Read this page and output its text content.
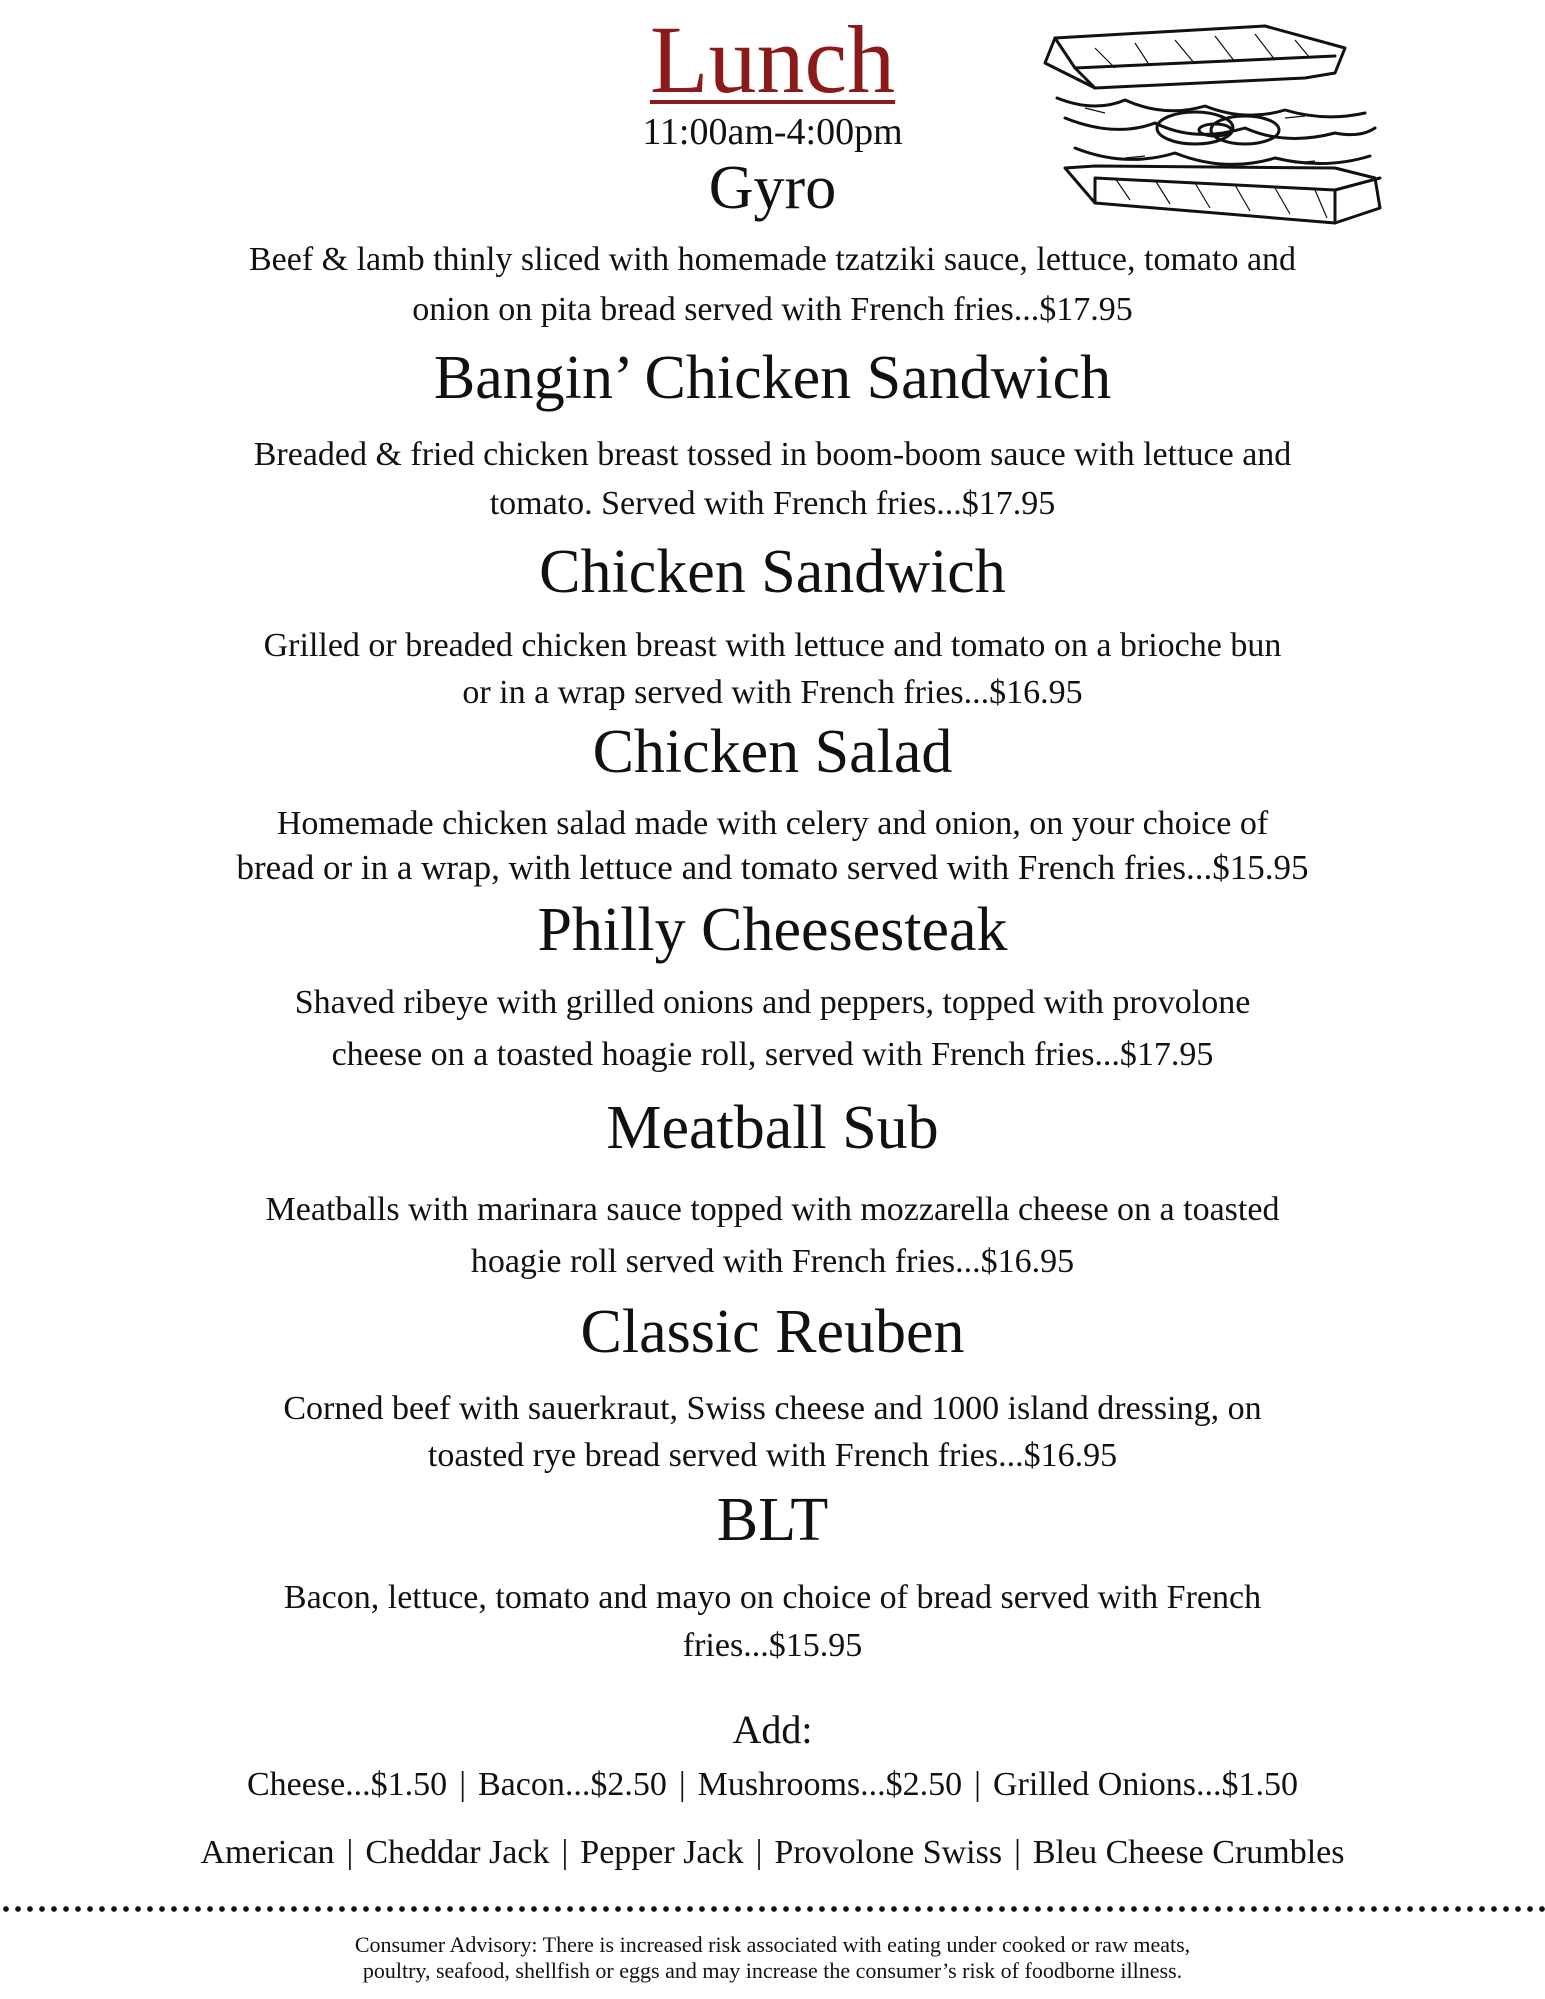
Lunch
11:00am-4:00pm
Gyro
Beef & lamb thinly sliced with homemade tzatziki sauce, lettuce, tomato and
onion on pita bread served with French fries...$17.95
Bangin’ Chicken Sandwich
Breaded & fried chicken breast tossed in boom-boom sauce with lettuce and
tomato. Served with French fries...$17.95
Chicken Sandwich
Grilled or breaded chicken breast with lettuce and tomato on a brioche bun
or in a wrap served with French fries...$16.95
Chicken Salad
Homemade chicken salad made with celery and onion, on your choice of
bread or in a wrap, with lettuce and tomato served with French fries...$15.95
Philly Cheesesteak
Shaved ribeye with grilled onions and peppers, topped with provolone
cheese on a toasted hoagie roll, served with French fries...$17.95
Meatball Sub
Meatballs with marinara sauce topped with mozzarella cheese on a toasted
hoagie roll served with French fries...$16.95
Classic Reuben
Corned beef with sauerkraut, Swiss cheese and 1000 island dressing, on
toasted rye bread served with French fries...$16.95
BLT
Bacon, lettuce, tomato and mayo on choice of bread served with French
fries...$15.95
Add:
Cheese...$1.50 | Bacon...$2.50 | Mushrooms...$2.50 | Grilled Onions...$1.50
American | Cheddar Jack | Pepper Jack | Provolone Swiss | Bleu Cheese Crumbles
Consumer Advisory: There is increased risk associated with eating under cooked or raw meats,
poultry, seafood, shellfish or eggs and may increase the consumer’s risk of foodborne illness.
